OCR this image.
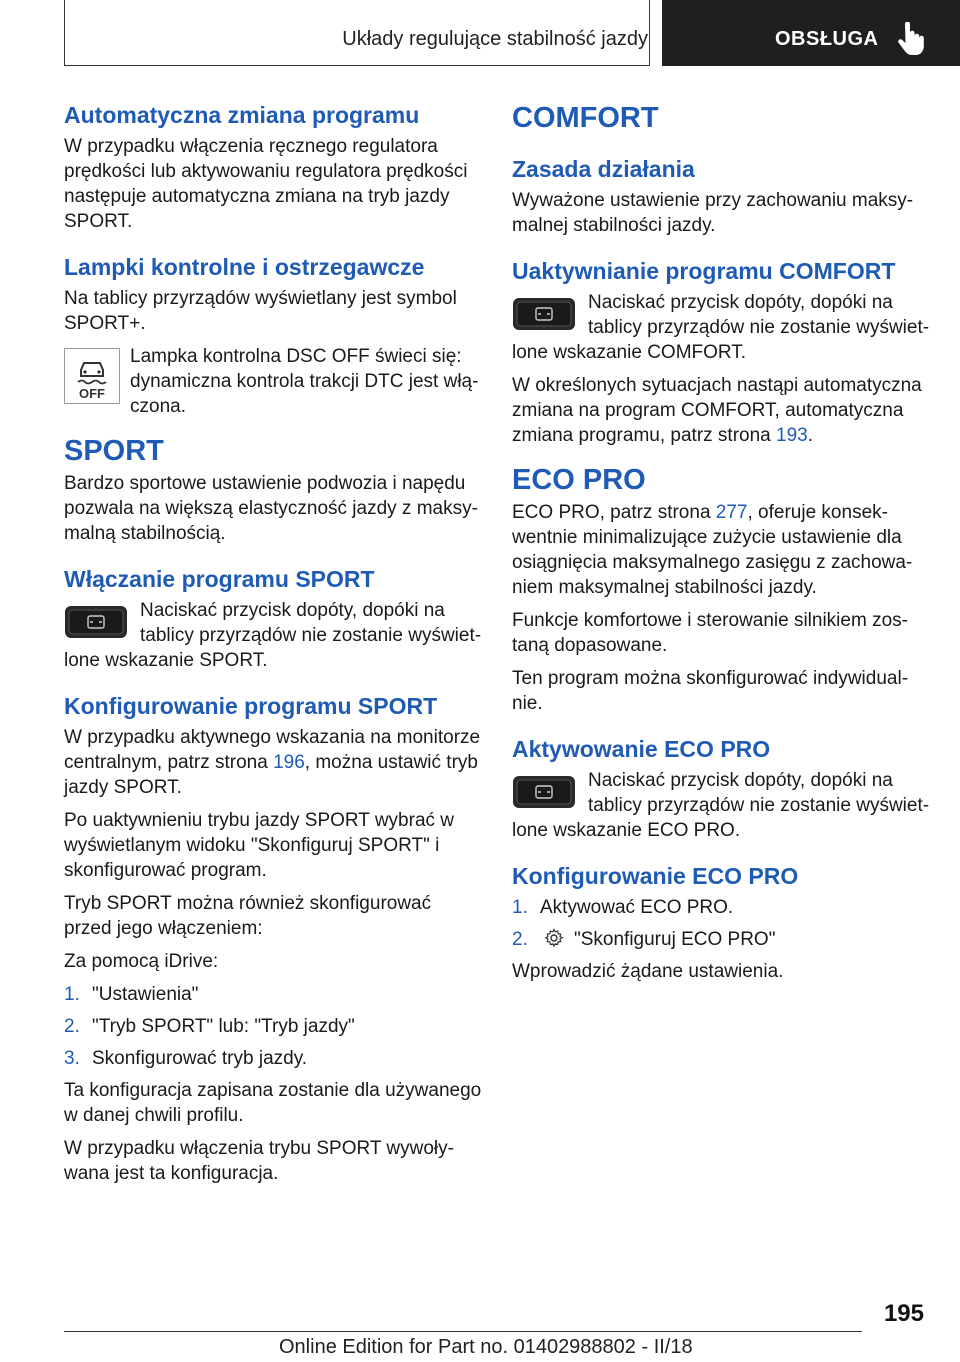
Układy regulujące stabilność jazdy	OBSŁUGA
Automatyczna zmiana programu

W przypadku włączenia ręcznego regulatora prędkości lub aktywowaniu regulatora prędkości następuje automatyczna zmiana na tryb jazdy SPORT.

Lampki kontrolne i ostrzegawcze

Na tablicy przyrządów wyświetlany jest symbol SPORT+.

OFF

Lampka kontrolna DSC OFF świeci się: dynamiczna kontrola trakcji DTC jest włą-czona.

SPORT

Bardzo sportowe ustawienie podwozia i napędu pozwala na większą elastyczność jazdy z maksy-malną stabilnością.

Włączanie programu SPORT

Naciskać przycisk dopóty, dopóki na tablicy przyrządów nie zostanie wyświet-lone wskazanie SPORT.

Konfigurowanie programu SPORT

W przypadku aktywnego wskazania na monitorze centralnym, patrz strona 196, można ustawić tryb jazdy SPORT.

Po uaktywnieniu trybu jazdy SPORT wybrać w wyświetlanym widoku "Skonfiguruj SPORT" i skonfigurować program.

Tryb SPORT można również skonfigurować przed jego włączeniem:

Za pomocą iDrive:

1. "Ustawienia"
2. "Tryb SPORT" lub: "Tryb jazdy"
3. Skonfigurować tryb jazdy.

Ta konfiguracja zapisana zostanie dla używanego w danej chwili profilu.

W przypadku włączenia trybu SPORT wywoły-wana jest ta konfiguracja.

COMFORT
Zasada działania

Wyważone ustawienie przy zachowaniu maksy-malnej stabilności jazdy.

Uaktywnianie programu COMFORT

Naciskać przycisk dopóty, dopóki na tablicy przyrządów nie zostanie wyświet-lone wskazanie COMFORT.

W określonych sytuacjach nastąpi automatyczna zmiana na program COMFORT, automatyczna zmiana programu, patrz strona 193.

ECO PRO

ECO PRO, patrz strona 277, oferuje konsek-wentnie minimalizujące zużycie ustawienie dla osiągnięcia maksymalnego zasięgu z zachowa-niem maksymalnej stabilności jazdy.

Funkcje komfortowe i sterowanie silnikiem zos-taną dopasowane.

Ten program można skonfigurować indywidual-nie.

Aktywowanie ECO PRO

Naciskać przycisk dopóty, dopóki na tablicy przyrządów nie zostanie wyświet-lone wskazanie ECO PRO.

Konfigurowanie ECO PRO
1. Aktywować ECO PRO.
2.	"Skonfiguruj ECO PRO"

Wprowadzić żądane ustawienia.

195
Online Edition for Part no. 01402988802 - II/18
